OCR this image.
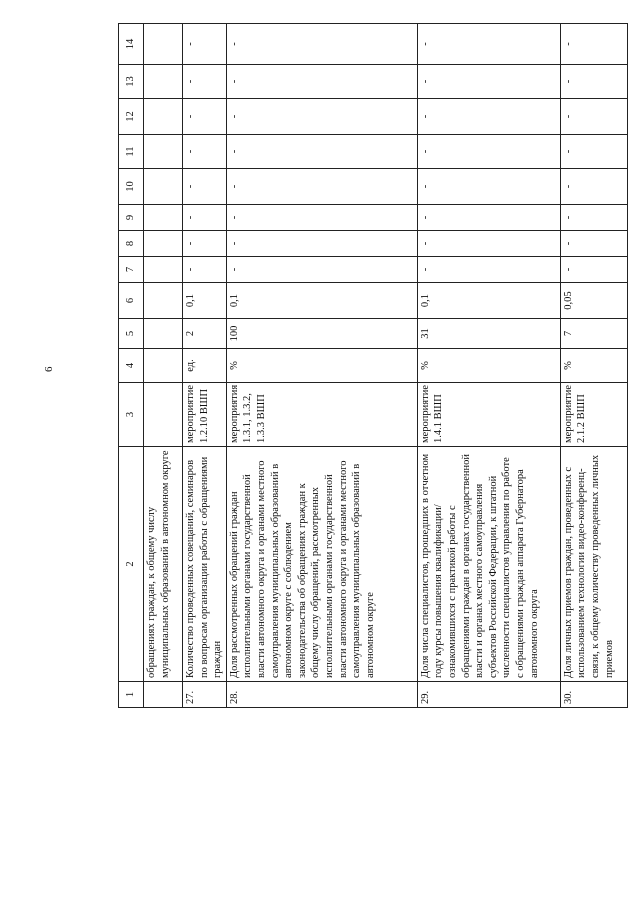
6
1	2	3	4	5	6	7	8	9	10	11	12	13	14
	обращениях граждан, к общему числу муниципальных образований в автономном округе												
27.	Количество проведенных совещаний, семинаров по вопросам организации работы с обращениями граждан	мероприятие 1.2.10 ВШП	ед.	2	0,1	-	-	-	-	-	-	-	-
28.	Доля рассмотренных обращений граждан исполнительными органами государственной власти автономного округа и органами местного самоуправления муниципальных образований в автономном округе с соблюдением законодательства об обращениях граждан к общему числу обращений, рассмотренных исполнительными органами государственной власти автономного округа и органами местного самоуправления муниципальных образований в автономном округе	мероприятия 1.3.1, 1.3.2, 1.3.3 ВШП	%	100	0,1	-	-	-	-	-	-	-	-
29.	Доля числа специалистов, прошедших в отчетном году курсы повышения квалификации/ознакомившихся с практикой работы с обращениями граждан в органах государственной власти и органах местного самоуправления субъектов Российской Федерации, к штатной численности специалистов управления по работе с обращениями граждан аппарата Губернатора автономного округа	мероприятие 1.4.1 ВШП	%	31	0,1	-	-	-	-	-	-	-	-
30.	Доля личных приемов граждан, проведенных с использованием технологии видео-конференц-связи, к общему количеству проведенных личных приемов	мероприятие 2.1.2 ВШП	%	7	0,05	-	-	-	-	-	-	-	-
